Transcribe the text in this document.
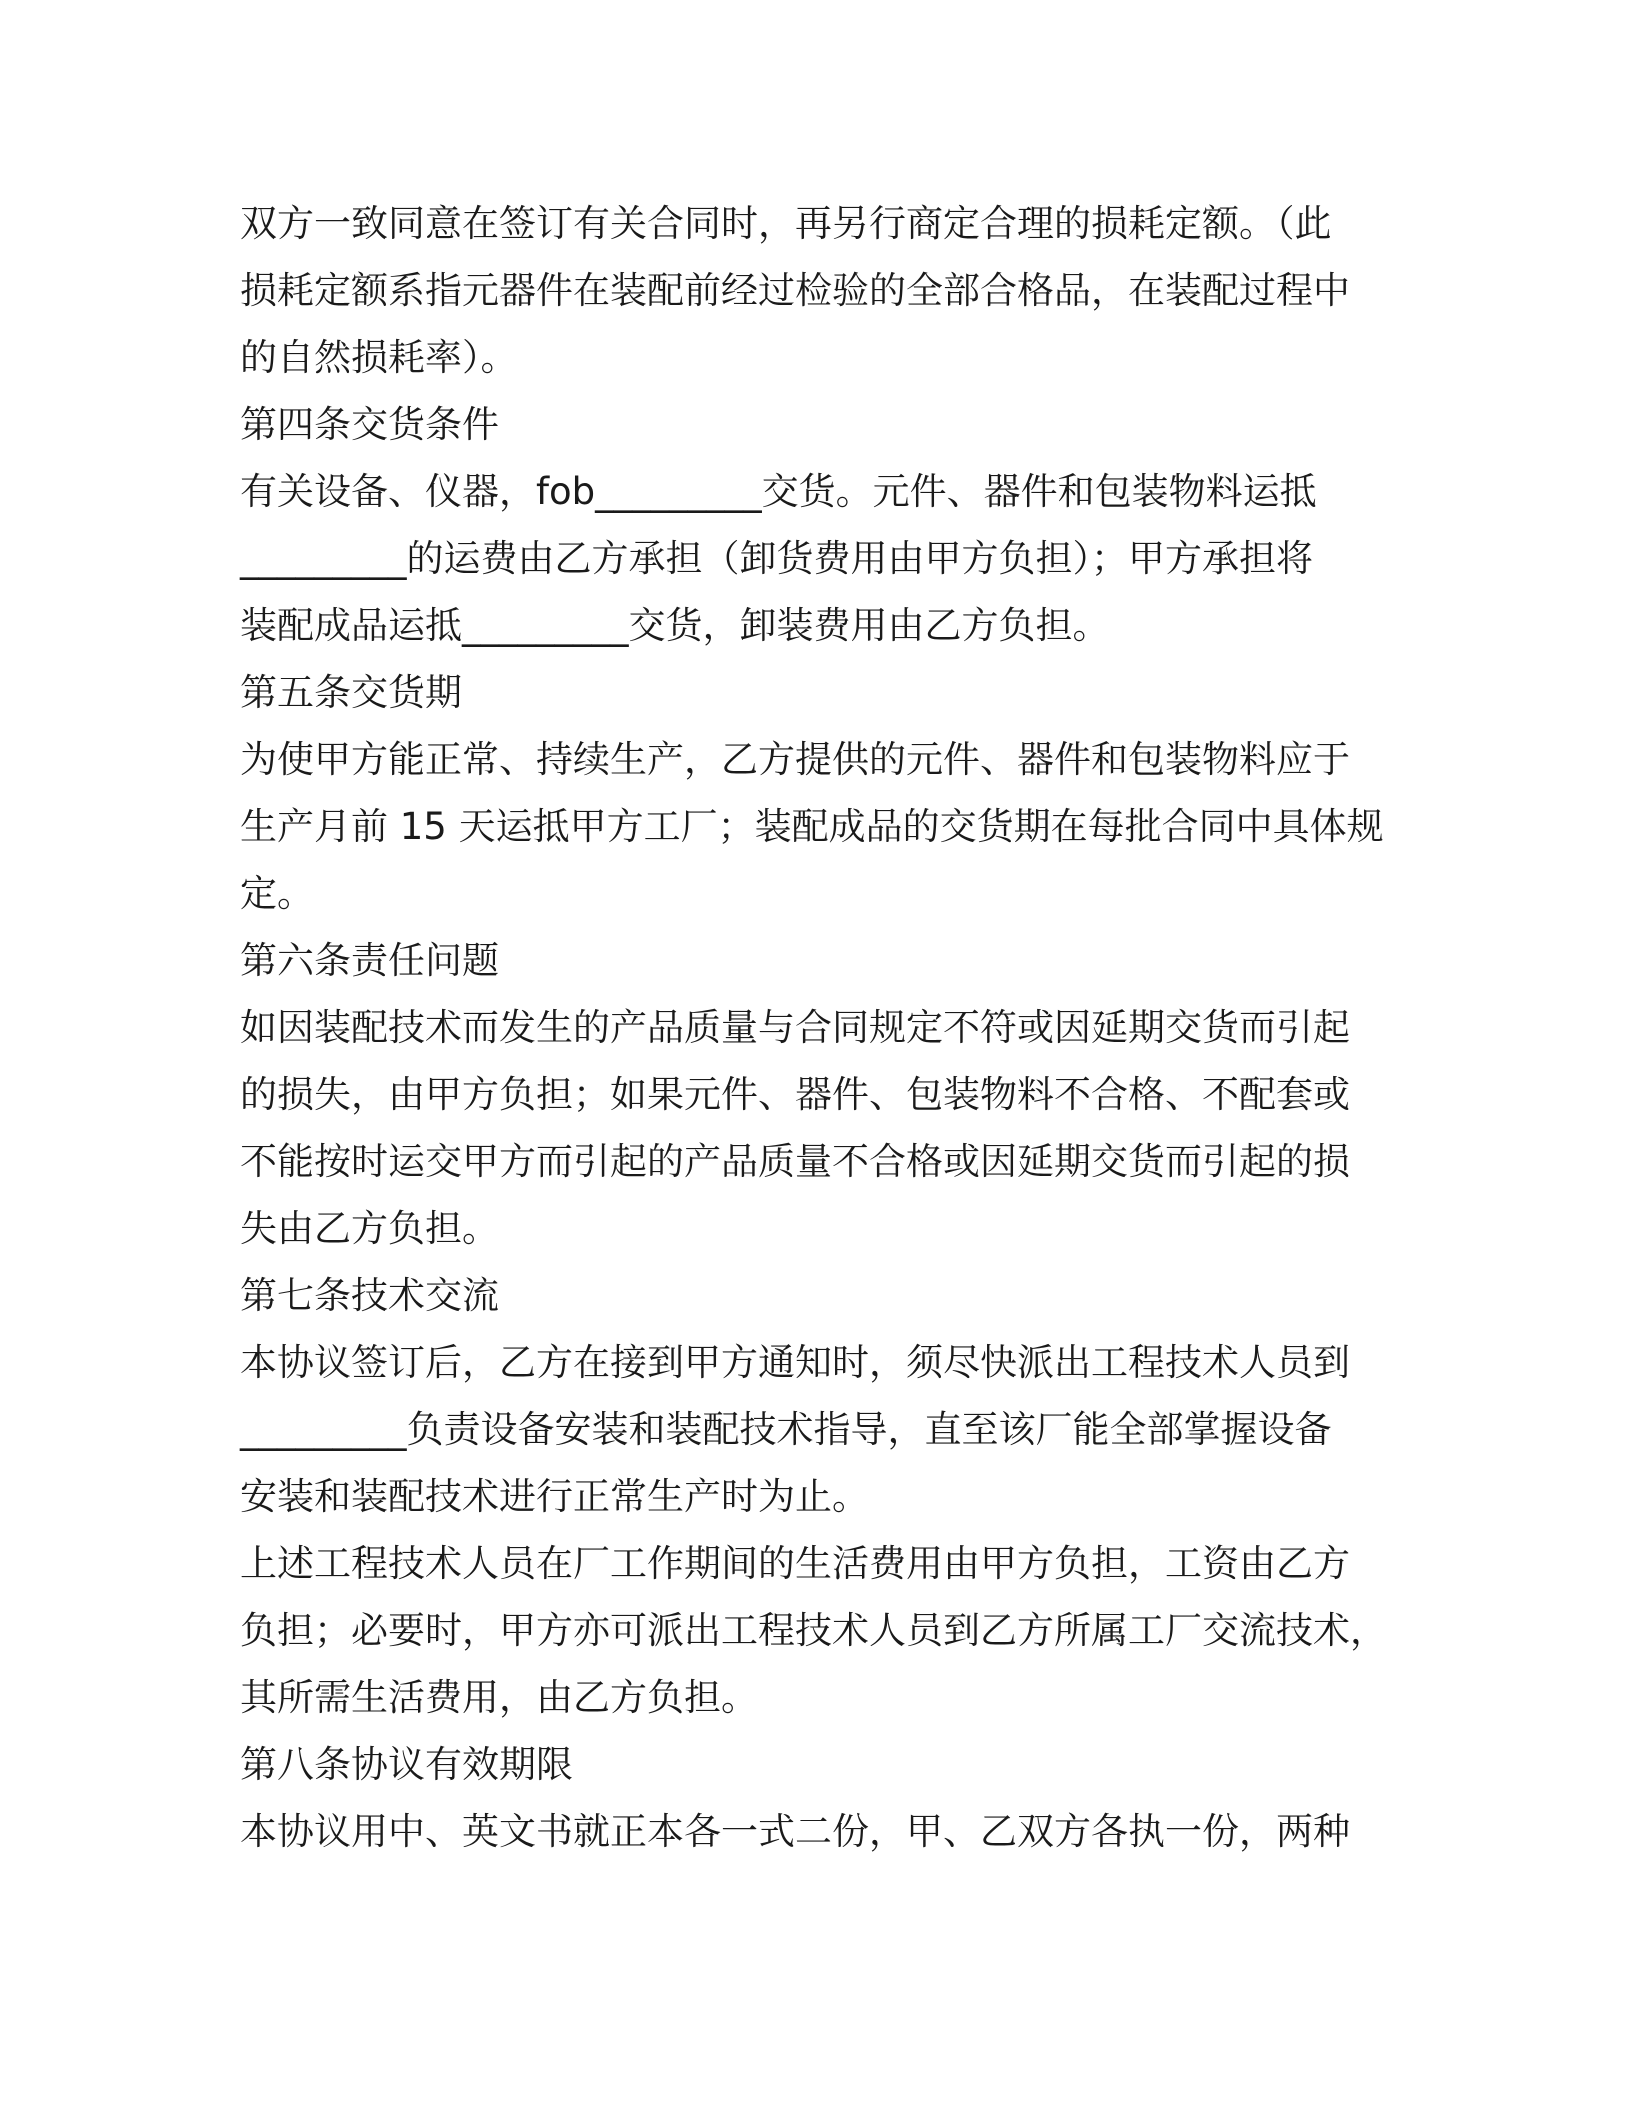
双方一致同意在签订有关合同时，再另行商定合理的损耗定额。（此
损耗定额系指元器件在装配前经过检验的全部合格品，在装配过程中
的自然损耗率）。
第四条交货条件
有关设备、仪器，fob_________交货。元件、器件和包装物料运抵
_________的运费由乙方承担（卸货费用由甲方负担）；甲方承担将
装配成品运抵_________交货，卸装费用由乙方负担。
第五条交货期
为使甲方能正常、持续生产，乙方提供的元件、器件和包装物料应于
生产月前 15 天运抵甲方工厂；装配成品的交货期在每批合同中具体规
定。
第六条责任问题
如因装配技术而发生的产品质量与合同规定不符或因延期交货而引起
的损失，由甲方负担；如果元件、器件、包装物料不合格、不配套或
不能按时运交甲方而引起的产品质量不合格或因延期交货而引起的损
失由乙方负担。
第七条技术交流
本协议签订后，乙方在接到甲方通知时，须尽快派出工程技术人员到
_________负责设备安装和装配技术指导，直至该厂能全部掌握设备
安装和装配技术进行正常生产时为止。
上述工程技术人员在厂工作期间的生活费用由甲方负担，工资由乙方
负担；必要时，甲方亦可派出工程技术人员到乙方所属工厂交流技术，
其所需生活费用，由乙方负担。
第八条协议有效期限
本协议用中、英文书就正本各一式二份，甲、乙双方各执一份，两种
